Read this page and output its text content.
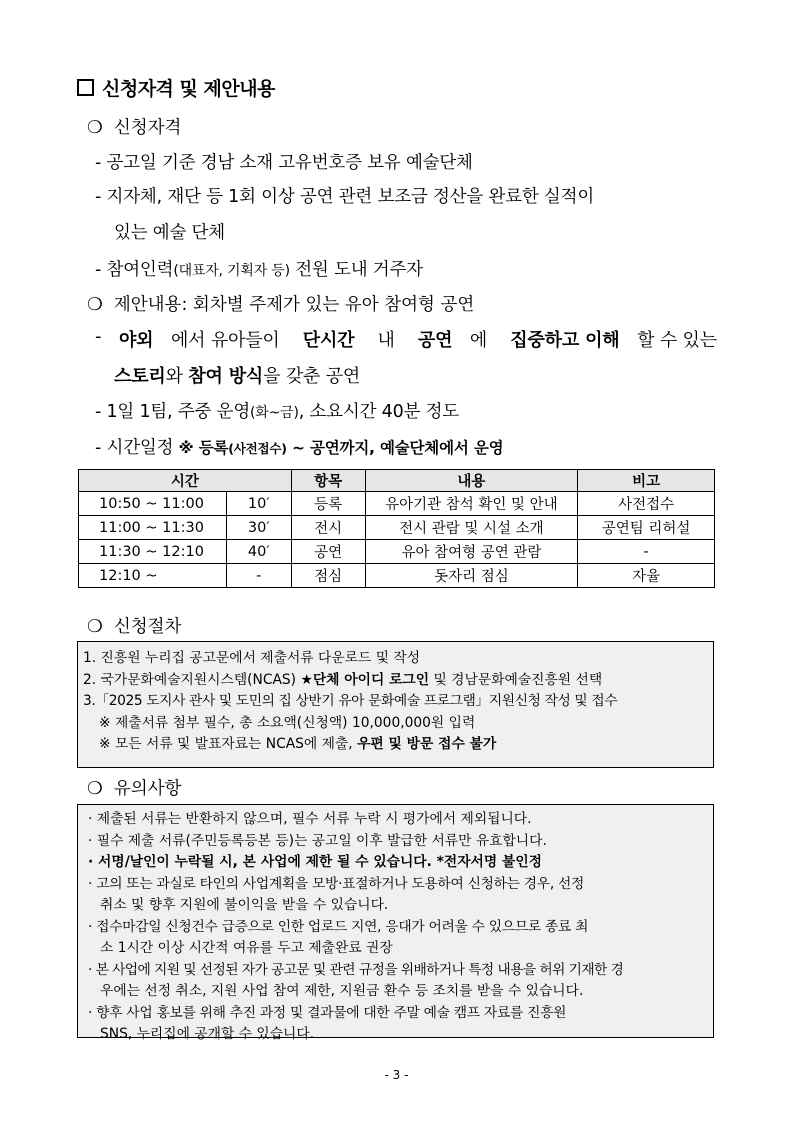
신청자격 및 제안내용
❍ 신청자격
- 공고일 기준 경남 소재 고유번호증 보유 예술단체
- 지자체, 재단 등 1회 이상 공연 관련 보조금 정산을 완료한 실적이
있는 예술 단체
- 참여인력(대표자, 기획자 등) 전원 도내 거주자
❍ 제안내용: 회차별 주제가 있는 유아 참여형 공연
- 야외 에서 유아들이 단시간 내 공연 에 집중하고 이해 할 수 있는
스토리와 참여 방식을 갖춘 공연
- 1일 1팀, 주중 운영(화~금), 소요시간 40분 정도
- 시간일정 ※ 등록(사전접수) ~ 공연까지, 예술단체에서 운영
시간		항목	내용	비고
10:50 ~ 11:00	10′	등록	유아기관 참석 확인 및 안내	사전접수
11:00 ~ 11:30	30′	전시	전시 관람 및 시설 소개	공연팀 리허설
11:30 ~ 12:10	40′	공연	유아 참여형 공연 관람	-
12:10 ~	-	점심	돗자리 점심	자율
❍ 신청절차
1. 진흥원 누리집 공고문에서 제출서류 다운로드 및 작성
2. 국가문화예술지원시스템(NCAS) ★단체 아이디 로그인 및 경남문화예술진흥원 선택
3.「2025 도지사 관사 및 도민의 집 상반기 유아 문화예술 프로그램」지원신청 작성 및 접수
※ 제출서류 첨부 필수, 총 소요액(신청액) 10,000,000원 입력
※ 모든 서류 및 발표자료는 NCAS에 제출, 우편 및 방문 접수 불가
❍ 유의사항
· 제출된 서류는 반환하지 않으며, 필수 서류 누락 시 평가에서 제외됩니다.
· 필수 제출 서류(주민등록등본 등)는 공고일 이후 발급한 서류만 유효합니다.
· 서명/날인이 누락될 시, 본 사업에 제한 될 수 있습니다. *전자서명 불인정
· 고의 또는 과실로 타인의 사업계획을 모방·표절하거나 도용하여 신청하는 경우, 선정
취소 및 향후 지원에 불이익을 받을 수 있습니다.
· 접수마감일 신청건수 급증으로 인한 업로드 지연, 응대가 어려울 수 있으므로 종료 최
소 1시간 이상 시간적 여유를 두고 제출완료 권장
· 본 사업에 지원 및 선정된 자가 공고문 및 관련 규정을 위배하거나 특정 내용을 허위 기재한 경
우에는 선정 취소, 지원 사업 참여 제한, 지원금 환수 등 조치를 받을 수 있습니다.
· 향후 사업 홍보를 위해 추진 과정 및 결과물에 대한 주말 예술 캠프 자료를 진흥원
SNS, 누리집에 공개할 수 있습니다.
- 3 -
